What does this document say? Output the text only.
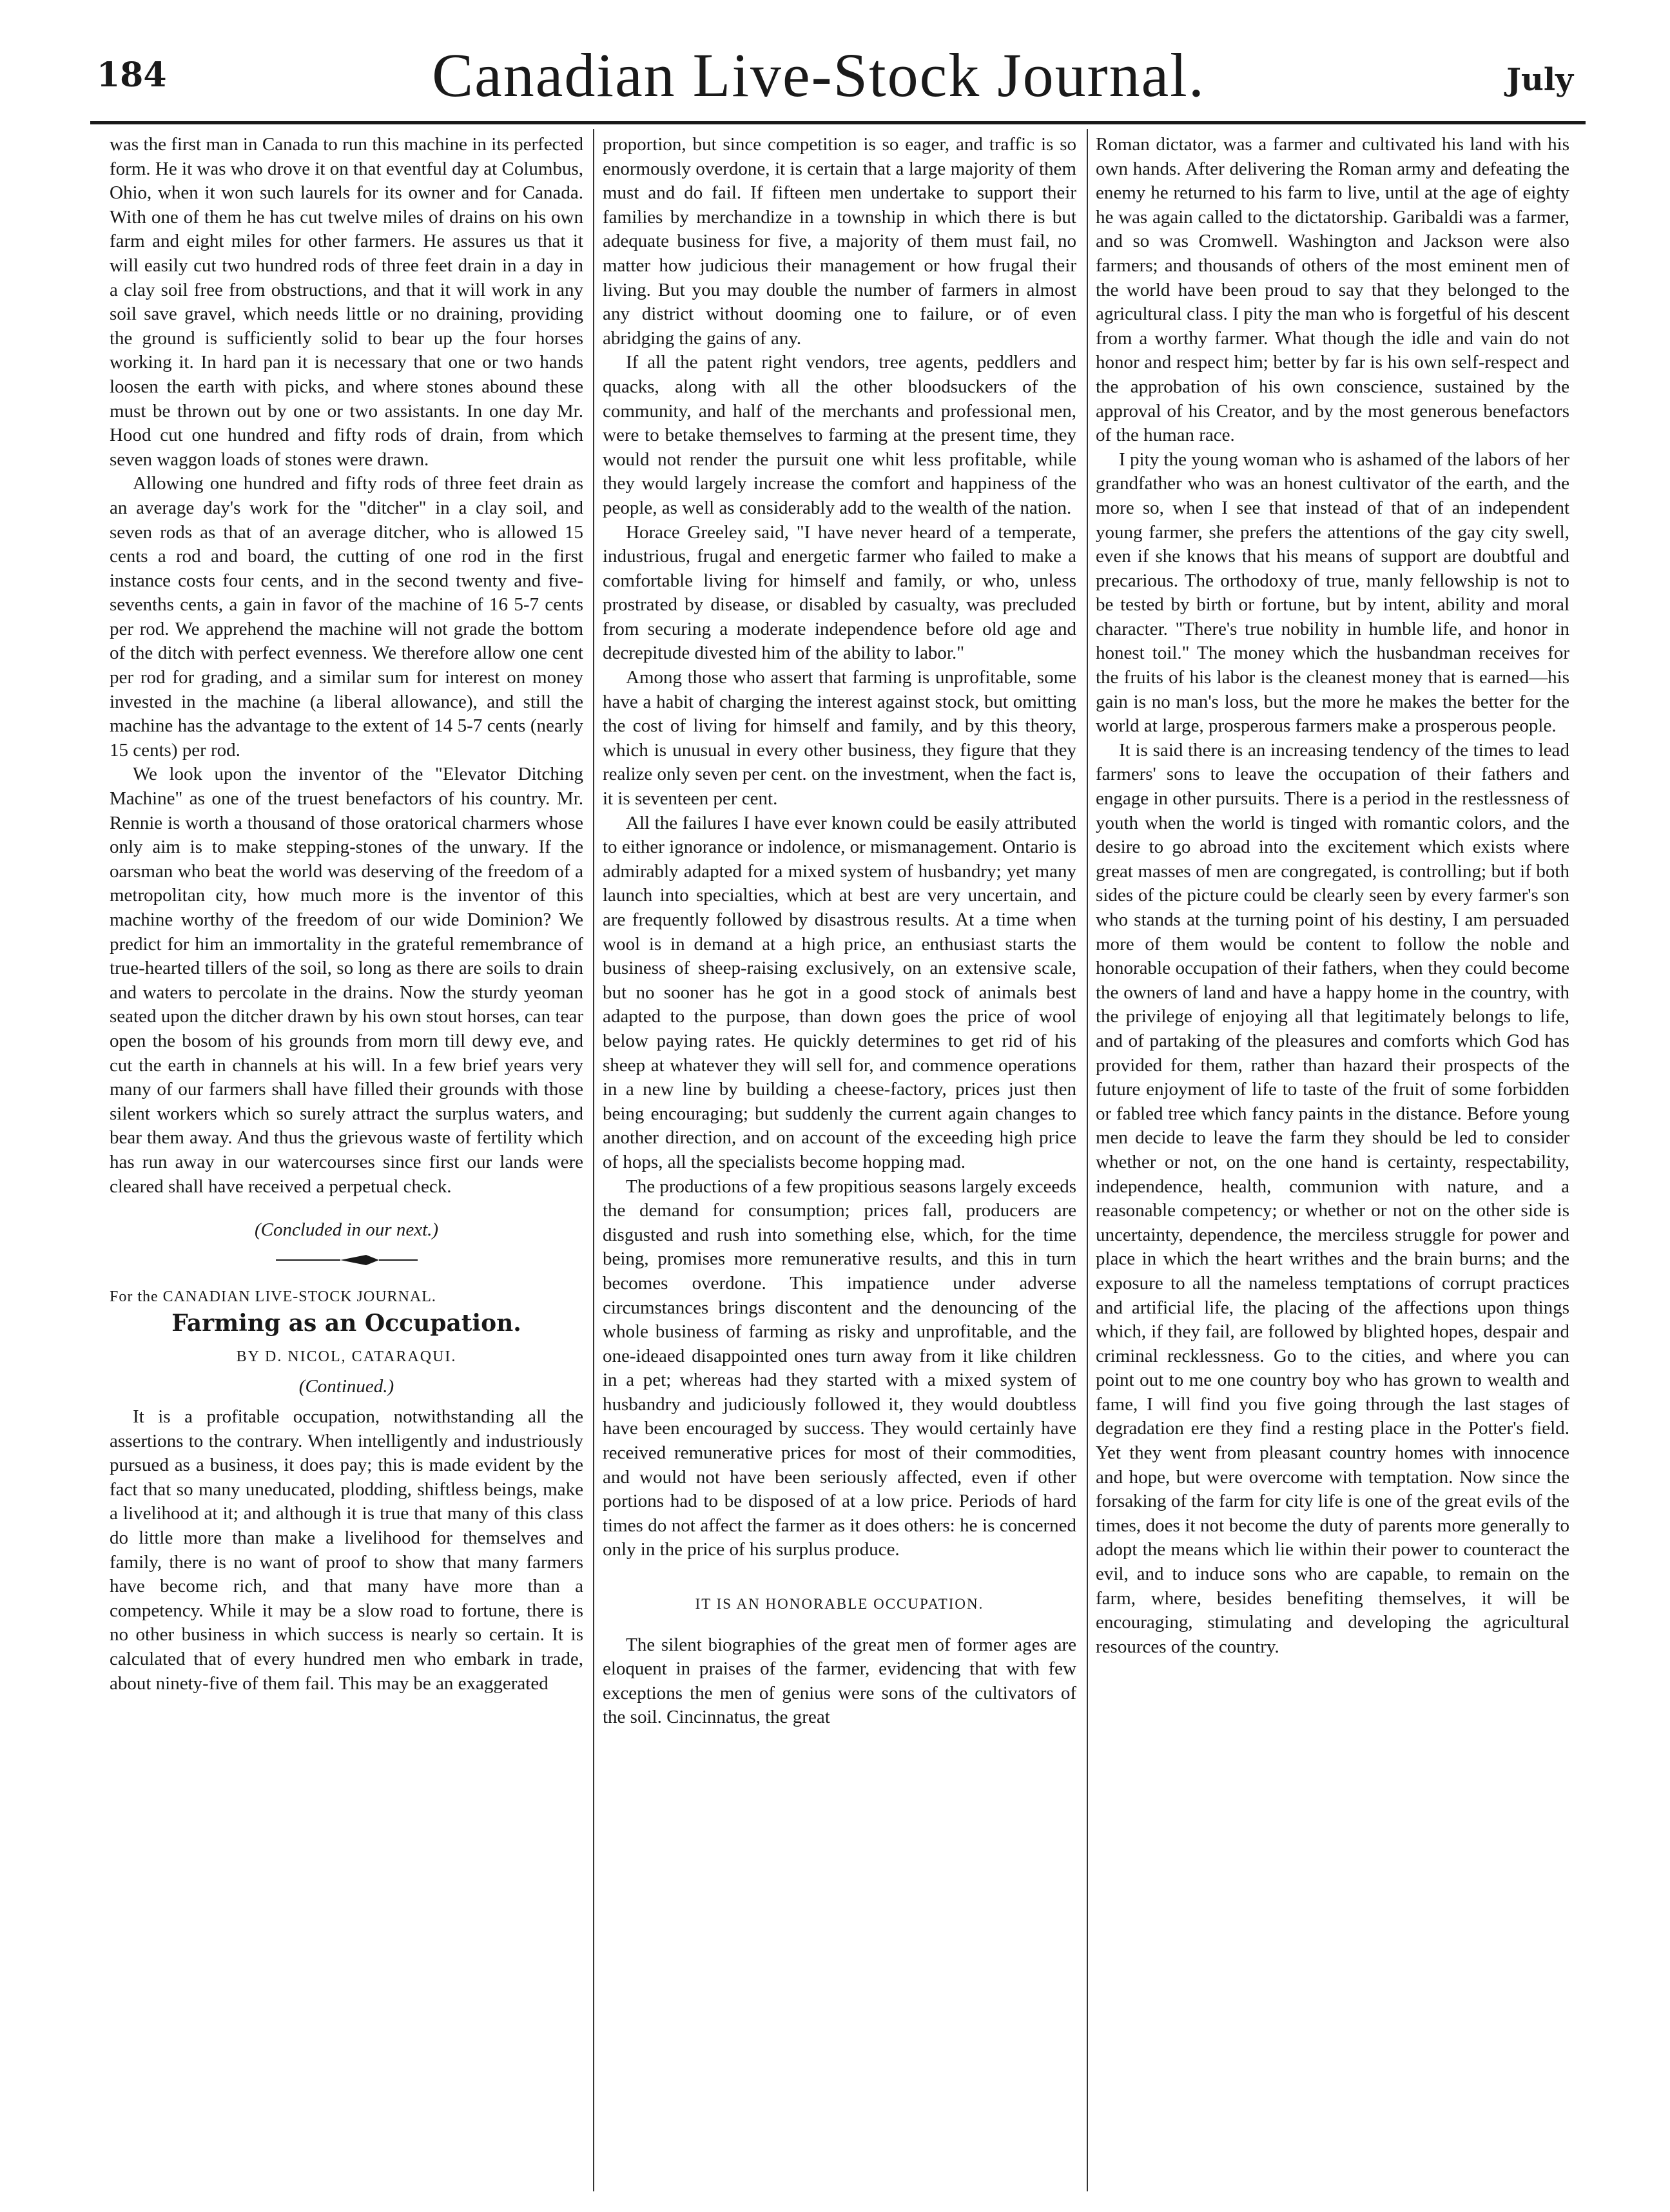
184	Canadian Live-Stock Journal.	July

was the first man in Canada to run this machine in its perfected form. He it was who drove it on that eventful day at Columbus, Ohio, when it won such laurels for its owner and for Canada. With one of them he has cut twelve miles of drains on his own farm and eight miles for other farmers. He assures us that it will easily cut two hundred rods of three feet drain in a day in a clay soil free from obstructions, and that it will work in any soil save gravel, which needs little or no draining, providing the ground is sufficiently solid to bear up the four horses working it. In hard pan it is necessary that one or two hands loosen the earth with picks, and where stones abound these must be thrown out by one or two assistants. In one day Mr. Hood cut one hundred and fifty rods of drain, from which seven waggon loads of stones were drawn.

Allowing one hundred and fifty rods of three feet drain as an average day's work for the "ditcher" in a clay soil, and seven rods as that of an average ditcher, who is allowed 15 cents a rod and board, the cutting of one rod in the first instance costs four cents, and in the second twenty and five-sevenths cents, a gain in favor of the machine of 16 5-7 cents per rod. We apprehend the machine will not grade the bottom of the ditch with perfect evenness. We therefore allow one cent per rod for grading, and a similar sum for interest on money invested in the machine (a liberal allowance), and still the machine has the advantage to the extent of 14 5-7 cents (nearly 15 cents) per rod.

We look upon the inventor of the "Elevator Ditching Machine" as one of the truest benefactors of his country. Mr. Rennie is worth a thousand of those oratorical charmers whose only aim is to make stepping-stones of the unwary. If the oarsman who beat the world was deserving of the freedom of a metropolitan city, how much more is the inventor of this machine worthy of the freedom of our wide Dominion? We predict for him an immortality in the grateful remembrance of true-hearted tillers of the soil, so long as there are soils to drain and waters to percolate in the drains. Now the sturdy yeoman seated upon the ditcher drawn by his own stout horses, can tear open the bosom of his grounds from morn till dewy eve, and cut the earth in channels at his will. In a few brief years very many of our farmers shall have filled their grounds with those silent workers which so surely attract the surplus waters, and bear them away. And thus the grievous waste of fertility which has run away in our watercourses since first our lands were cleared shall have received a perpetual check.

(Concluded in our next.)
For the CANADIAN LIVE-STOCK JOURNAL.
Farming as an Occupation.
BY D. NICOL, CATARAQUI.
(Continued.)

It is a profitable occupation, notwithstanding all the assertions to the contrary. When intelligently and industriously pursued as a business, it does pay; this is made evident by the fact that so many uneducated, plodding, shiftless beings, make a livelihood at it; and although it is true that many of this class do little more than make a livelihood for themselves and family, there is no want of proof to show that many farmers have become rich, and that many have more than a competency. While it may be a slow road to fortune, there is no other business in which success is nearly so certain. It is calculated that of every hundred men who embark in trade, about ninety-five of them fail. This may be an exaggerated

proportion, but since competition is so eager, and traffic is so enormously overdone, it is certain that a large majority of them must and do fail. If fifteen men undertake to support their families by merchandize in a township in which there is but adequate business for five, a majority of them must fail, no matter how judicious their management or how frugal their living. But you may double the number of farmers in almost any district without dooming one to failure, or of even abridging the gains of any.

If all the patent right vendors, tree agents, peddlers and quacks, along with all the other bloodsuckers of the community, and half of the merchants and professional men, were to betake themselves to farming at the present time, they would not render the pursuit one whit less profitable, while they would largely increase the comfort and happiness of the people, as well as considerably add to the wealth of the nation.

Horace Greeley said, "I have never heard of a temperate, industrious, frugal and energetic farmer who failed to make a comfortable living for himself and family, or who, unless prostrated by disease, or disabled by casualty, was precluded from securing a moderate independence before old age and decrepitude divested him of the ability to labor."

Among those who assert that farming is unprofitable, some have a habit of charging the interest against stock, but omitting the cost of living for himself and family, and by this theory, which is unusual in every other business, they figure that they realize only seven per cent. on the investment, when the fact is, it is seventeen per cent.

All the failures I have ever known could be easily attributed to either ignorance or indolence, or mismanagement. Ontario is admirably adapted for a mixed system of husbandry; yet many launch into specialties, which at best are very uncertain, and are frequently followed by disastrous results. At a time when wool is in demand at a high price, an enthusiast starts the business of sheep-raising exclusively, on an extensive scale, but no sooner has he got in a good stock of animals best adapted to the purpose, than down goes the price of wool below paying rates. He quickly determines to get rid of his sheep at whatever they will sell for, and commence operations in a new line by building a cheese-factory, prices just then being encouraging; but suddenly the current again changes to another direction, and on account of the exceeding high price of hops, all the specialists become hopping mad.

The productions of a few propitious seasons largely exceeds the demand for consumption; prices fall, producers are disgusted and rush into something else, which, for the time being, promises more remunerative results, and this in turn becomes overdone. This impatience under adverse circumstances brings discontent and the denouncing of the whole business of farming as risky and unprofitable, and the one-ideaed disappointed ones turn away from it like children in a pet; whereas had they started with a mixed system of husbandry and judiciously followed it, they would doubtless have been encouraged by success. They would certainly have received remunerative prices for most of their commodities, and would not have been seriously affected, even if other portions had to be disposed of at a low price. Periods of hard times do not affect the farmer as it does others: he is concerned only in the price of his surplus produce.

IT IS AN HONORABLE OCCUPATION.

The silent biographies of the great men of former ages are eloquent in praises of the farmer, evidencing that with few exceptions the men of genius were sons of the cultivators of the soil. Cincinnatus, the great

Roman dictator, was a farmer and cultivated his land with his own hands. After delivering the Roman army and defeating the enemy he returned to his farm to live, until at the age of eighty he was again called to the dictatorship. Garibaldi was a farmer, and so was Cromwell. Washington and Jackson were also farmers; and thousands of others of the most eminent men of the world have been proud to say that they belonged to the agricultural class. I pity the man who is forgetful of his descent from a worthy farmer. What though the idle and vain do not honor and respect him; better by far is his own self-respect and the approbation of his own conscience, sustained by the approval of his Creator, and by the most generous benefactors of the human race.

I pity the young woman who is ashamed of the labors of her grandfather who was an honest cultivator of the earth, and the more so, when I see that instead of that of an independent young farmer, she prefers the attentions of the gay city swell, even if she knows that his means of support are doubtful and precarious. The orthodoxy of true, manly fellowship is not to be tested by birth or fortune, but by intent, ability and moral character. "There's true nobility in humble life, and honor in honest toil." The money which the husbandman receives for the fruits of his labor is the cleanest money that is earned—his gain is no man's loss, but the more he makes the better for the world at large, prosperous farmers make a prosperous people.

It is said there is an increasing tendency of the times to lead farmers' sons to leave the occupation of their fathers and engage in other pursuits. There is a period in the restlessness of youth when the world is tinged with romantic colors, and the desire to go abroad into the excitement which exists where great masses of men are congregated, is controlling; but if both sides of the picture could be clearly seen by every farmer's son who stands at the turning point of his destiny, I am persuaded more of them would be content to follow the noble and honorable occupation of their fathers, when they could become the owners of land and have a happy home in the country, with the privilege of enjoying all that legitimately belongs to life, and of partaking of the pleasures and comforts which God has provided for them, rather than hazard their prospects of the future enjoyment of life to taste of the fruit of some forbidden or fabled tree which fancy paints in the distance. Before young men decide to leave the farm they should be led to consider whether or not, on the one hand is certainty, respectability, independence, health, communion with nature, and a reasonable competency; or whether or not on the other side is uncertainty, dependence, the merciless struggle for power and place in which the heart writhes and the brain burns; and the exposure to all the nameless temptations of corrupt practices and artificial life, the placing of the affections upon things which, if they fail, are followed by blighted hopes, despair and criminal recklessness. Go to the cities, and where you can point out to me one country boy who has grown to wealth and fame, I will find you five going through the last stages of degradation ere they find a resting place in the Potter's field. Yet they went from pleasant country homes with innocence and hope, but were overcome with temptation. Now since the forsaking of the farm for city life is one of the great evils of the times, does it not become the duty of parents more generally to adopt the means which lie within their power to counteract the evil, and to induce sons who are capable, to remain on the farm, where, besides benefiting themselves, it will be encouraging, stimulating and developing the agricultural resources of the country.
